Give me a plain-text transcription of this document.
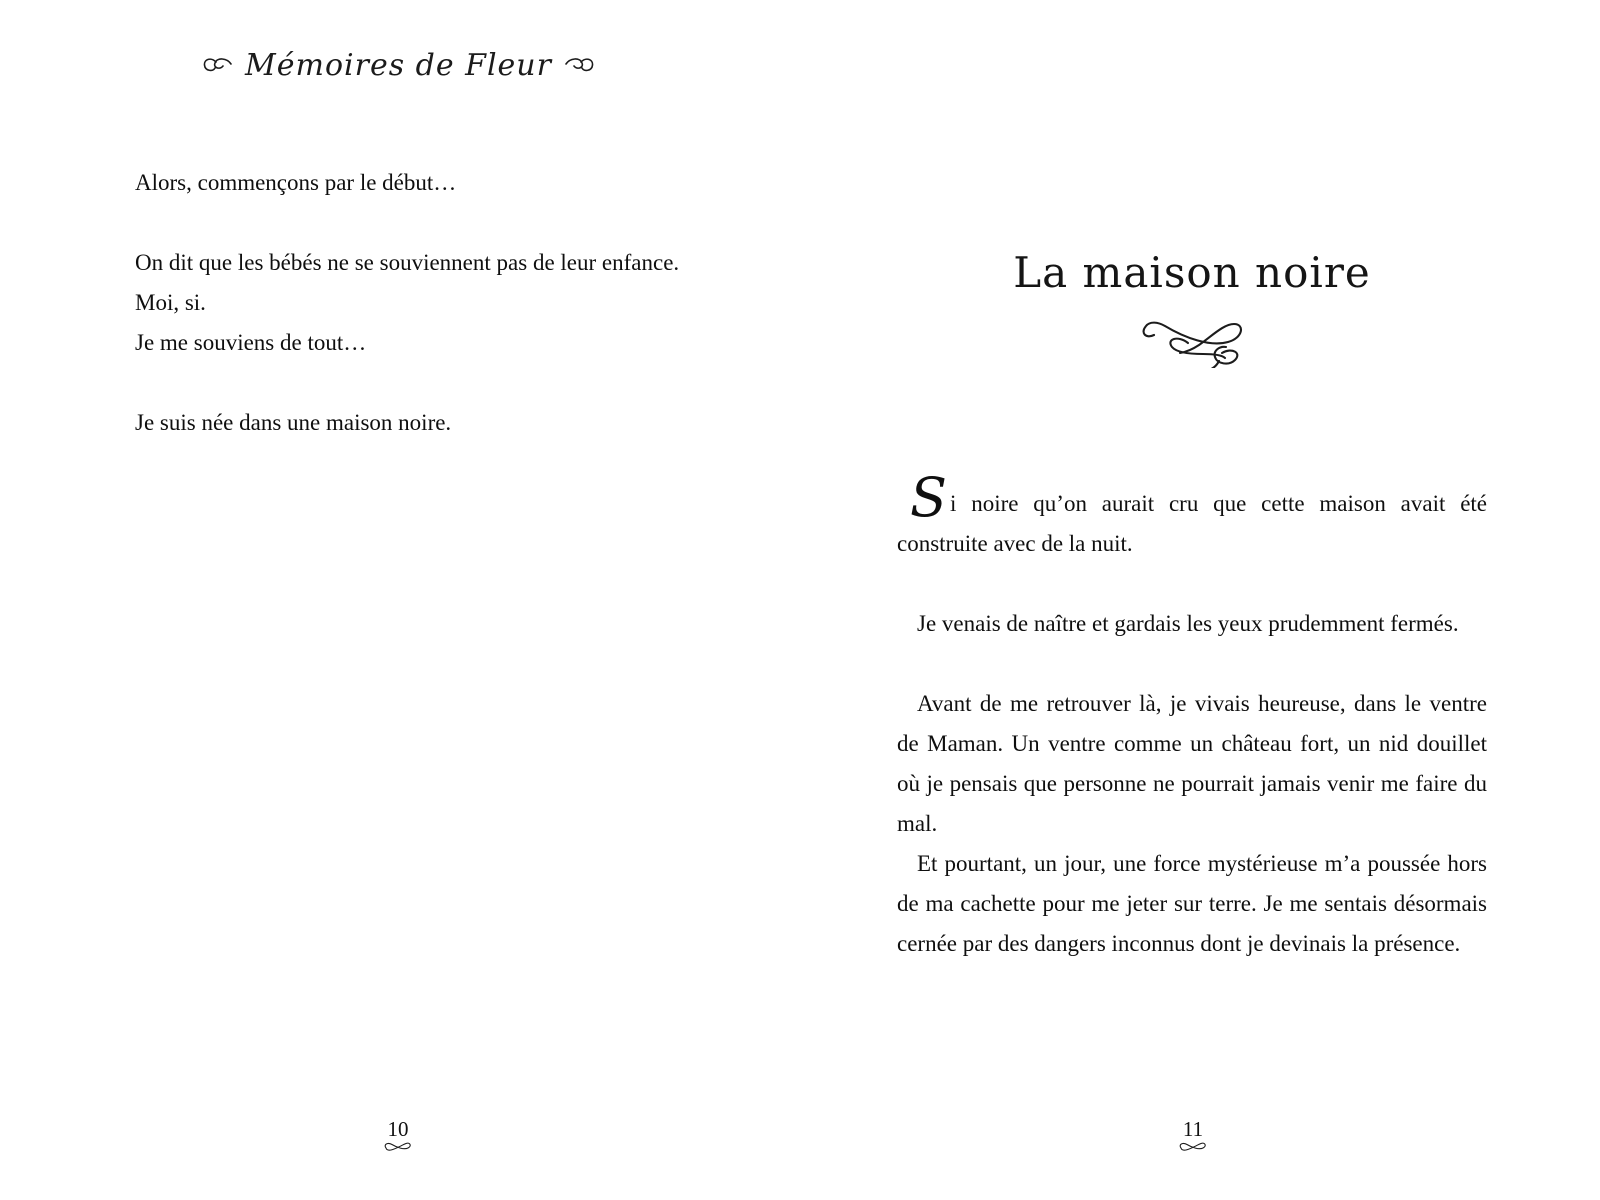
Mémoires de Fleur

Alors, commençons par le début…

On dit que les bébés ne se souviennent pas de leur enfance.

Moi, si.

Je me souviens de tout…

Je suis née dans une maison noire.

La maison noire

Si noire qu’on aurait cru que cette maison avait été construite avec de la nuit.

Je venais de naître et gardais les yeux prudemment fermés.

Avant de me retrouver là, je vivais heureuse, dans le ventre de Maman. Un ventre comme un château fort, un nid douillet où je pensais que personne ne pourrait jamais venir me faire du mal.

Et pourtant, un jour, une force mystérieuse m’a poussée hors de ma cachette pour me jeter sur terre. Je me sentais désormais cernée par des dangers inconnus dont je devinais la présence.

10	11
